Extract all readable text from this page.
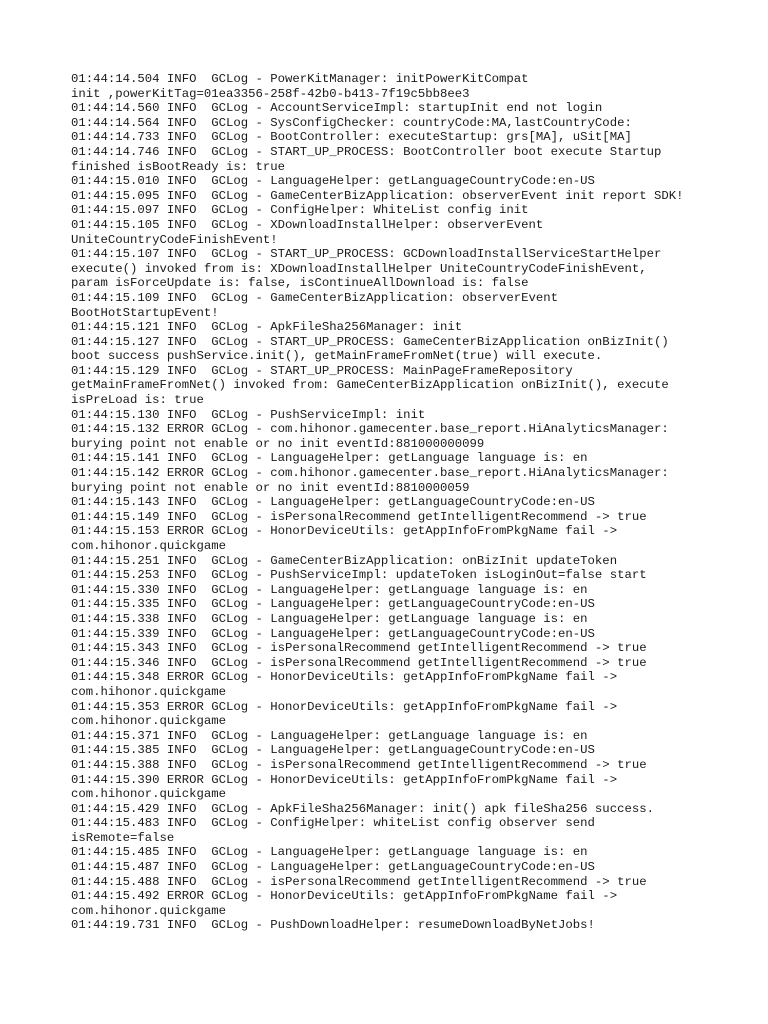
01:44:14.504 INFO  GCLog - PowerKitManager: initPowerKitCompat
init ,powerKitTag=01ea3356-258f-42b0-b413-7f19c5bb8ee3
01:44:14.560 INFO  GCLog - AccountServiceImpl: startupInit end not login
01:44:14.564 INFO  GCLog - SysConfigChecker: countryCode:MA,lastCountryCode:
01:44:14.733 INFO  GCLog - BootController: executeStartup: grs[MA], uSit[MA]
01:44:14.746 INFO  GCLog - START_UP_PROCESS: BootController boot execute Startup
finished isBootReady is: true
01:44:15.010 INFO  GCLog - LanguageHelper: getLanguageCountryCode:en-US
01:44:15.095 INFO  GCLog - GameCenterBizApplication: observerEvent init report SDK!
01:44:15.097 INFO  GCLog - ConfigHelper: WhiteList config init
01:44:15.105 INFO  GCLog - XDownloadInstallHelper: observerEvent
UniteCountryCodeFinishEvent!
01:44:15.107 INFO  GCLog - START_UP_PROCESS: GCDownloadInstallServiceStartHelper
execute() invoked from is: XDownloadInstallHelper UniteCountryCodeFinishEvent,
param isForceUpdate is: false, isContinueAllDownload is: false
01:44:15.109 INFO  GCLog - GameCenterBizApplication: observerEvent
BootHotStartupEvent!
01:44:15.121 INFO  GCLog - ApkFileSha256Manager: init
01:44:15.127 INFO  GCLog - START_UP_PROCESS: GameCenterBizApplication onBizInit()
boot success pushService.init(), getMainFrameFromNet(true) will execute.
01:44:15.129 INFO  GCLog - START_UP_PROCESS: MainPageFrameRepository
getMainFrameFromNet() invoked from: GameCenterBizApplication onBizInit(), execute
isPreLoad is: true
01:44:15.130 INFO  GCLog - PushServiceImpl: init
01:44:15.132 ERROR GCLog - com.hihonor.gamecenter.base_report.HiAnalyticsManager:
burying point not enable or no init eventId:881000000099
01:44:15.141 INFO  GCLog - LanguageHelper: getLanguage language is: en
01:44:15.142 ERROR GCLog - com.hihonor.gamecenter.base_report.HiAnalyticsManager:
burying point not enable or no init eventId:8810000059
01:44:15.143 INFO  GCLog - LanguageHelper: getLanguageCountryCode:en-US
01:44:15.149 INFO  GCLog - isPersonalRecommend getIntelligentRecommend -> true
01:44:15.153 ERROR GCLog - HonorDeviceUtils: getAppInfoFromPkgName fail ->
com.hihonor.quickgame
01:44:15.251 INFO  GCLog - GameCenterBizApplication: onBizInit updateToken
01:44:15.253 INFO  GCLog - PushServiceImpl: updateToken isLoginOut=false start
01:44:15.330 INFO  GCLog - LanguageHelper: getLanguage language is: en
01:44:15.335 INFO  GCLog - LanguageHelper: getLanguageCountryCode:en-US
01:44:15.338 INFO  GCLog - LanguageHelper: getLanguage language is: en
01:44:15.339 INFO  GCLog - LanguageHelper: getLanguageCountryCode:en-US
01:44:15.343 INFO  GCLog - isPersonalRecommend getIntelligentRecommend -> true
01:44:15.346 INFO  GCLog - isPersonalRecommend getIntelligentRecommend -> true
01:44:15.348 ERROR GCLog - HonorDeviceUtils: getAppInfoFromPkgName fail ->
com.hihonor.quickgame
01:44:15.353 ERROR GCLog - HonorDeviceUtils: getAppInfoFromPkgName fail ->
com.hihonor.quickgame
01:44:15.371 INFO  GCLog - LanguageHelper: getLanguage language is: en
01:44:15.385 INFO  GCLog - LanguageHelper: getLanguageCountryCode:en-US
01:44:15.388 INFO  GCLog - isPersonalRecommend getIntelligentRecommend -> true
01:44:15.390 ERROR GCLog - HonorDeviceUtils: getAppInfoFromPkgName fail ->
com.hihonor.quickgame
01:44:15.429 INFO  GCLog - ApkFileSha256Manager: init() apk fileSha256 success.
01:44:15.483 INFO  GCLog - ConfigHelper: whiteList config observer send
isRemote=false
01:44:15.485 INFO  GCLog - LanguageHelper: getLanguage language is: en
01:44:15.487 INFO  GCLog - LanguageHelper: getLanguageCountryCode:en-US
01:44:15.488 INFO  GCLog - isPersonalRecommend getIntelligentRecommend -> true
01:44:15.492 ERROR GCLog - HonorDeviceUtils: getAppInfoFromPkgName fail ->
com.hihonor.quickgame
01:44:19.731 INFO  GCLog - PushDownloadHelper: resumeDownloadByNetJobs!
